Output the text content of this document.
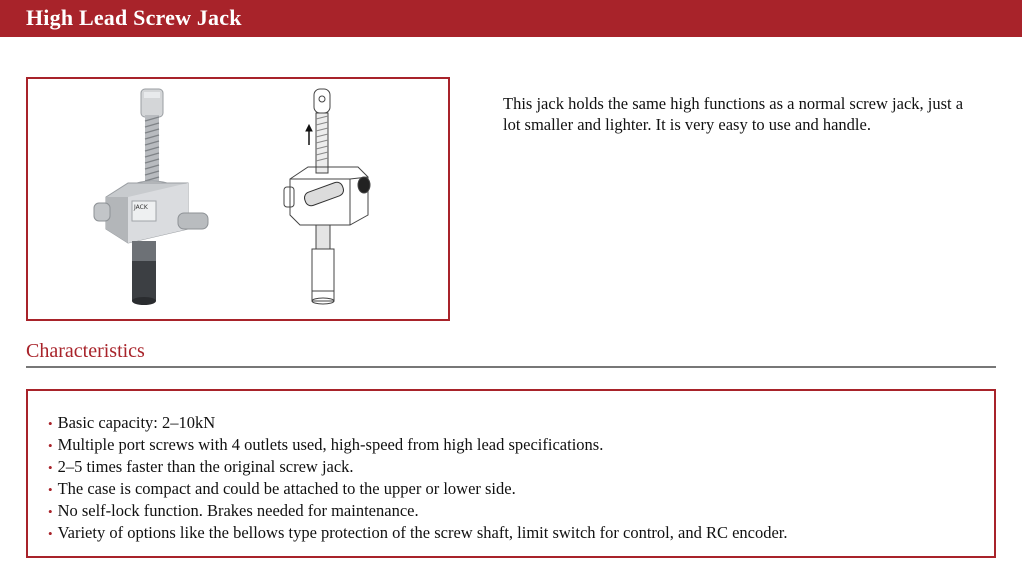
High Lead Screw Jack
JACK

This jack holds the same high functions as a normal screw jack, just a lot smaller and lighter. It is very easy to use and handle.

Characteristics
• Basic capacity: 2–10kN
• Multiple port screws with 4 outlets used, high-speed from high lead specifications.
• 2–5 times faster than the original screw jack.
• The case is compact and could be attached to the upper or lower side.
• No self-lock function. Brakes needed for maintenance.
• Variety of options like the bellows type protection of the screw shaft, limit switch for control, and RC encoder.
